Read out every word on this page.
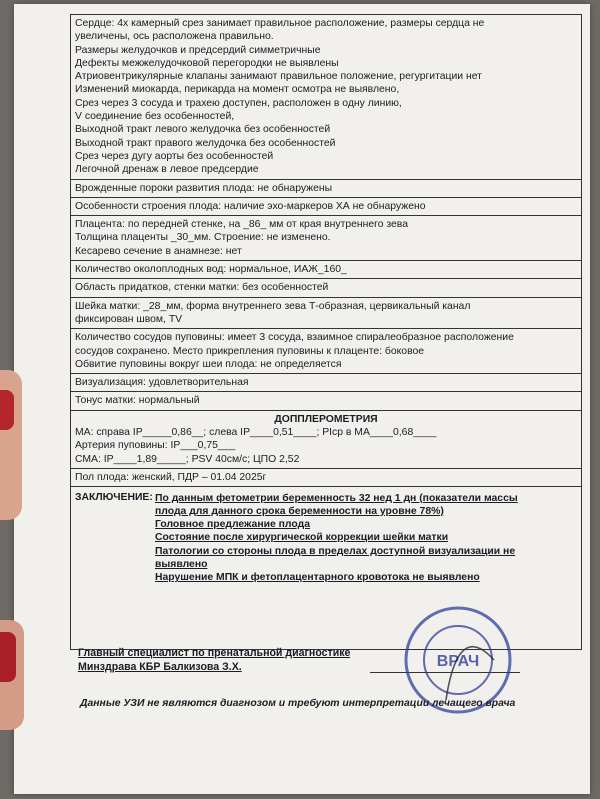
Сердце: 4х камерный срез занимает правильное расположение, размеры сердца не
увеличены, ось расположена правильно.
Размеры желудочков и предсердий симметричные
Дефекты межжелудочковой перегородки не выявлены
Атриовентрикулярные клапаны занимают правильное положение, регургитации нет
Изменений миокарда, перикарда на момент осмотра не выявлено,
Срез через 3 сосуда и трахею доступен, расположен в одну линию,
V соединение без особенностей,
Выходной тракт левого желудочка без особенностей
Выходной тракт правого желудочка без особенностей
Срез через дугу аорты без особенностей
Легочной дренаж в левое предсердие
Врожденные пороки развития плода: не обнаружены
Особенности строения плода: наличие эхо-маркеров ХА не обнаружено
Плацента: по передней стенке, на _86_ мм от края внутреннего зева
Толщина плаценты _30_мм. Строение: не изменено.
Кесарево сечение в анамнезе: нет
Количество околоплодных вод: нормальное, ИАЖ_160_
Область придатков, стенки матки: без особенностей
Шейка матки: _28_мм, форма внутреннего зева Т-образная, цервикальный канал
фиксирован швом, TV
Количество сосудов пуповины: имеет 3 сосуда, взаимное спиралеобразное расположение
сосудов сохранено. Место прикрепления пуповины к плаценте: боковое
Обвитие пуповины вокруг шеи плода: не определяется
Визуализация: удовлетворительная
Тонус матки: нормальный
ДОППЛЕРОМЕТРИЯ
МА: справа IP_____0,86__; слева IP____0,51____; PIср в МА____0,68____
Артерия пуповины: IP___0,75___
СМА: IP____1,89_____; PSV 40см/с; ЦПО 2,52
Пол плода: женский, ПДР – 01.04 2025г
ЗАКЛЮЧЕНИЕ: По данным фетометрии беременность 32 нед 1 дн (показатели массы
плода для данного срока беременности на уровне 78%)
Головное предлежание плода
Состояние после хирургической коррекции шейки матки
Патологии со стороны плода в пределах доступной визуализации не
выявлено
Нарушение МПК и фетоплацентарного кровотока не выявлено
Главный специалист по пренатальной диагностике
Минздрава КБР Балкизова З.Х.	ВРАЧ
Данные УЗИ не являются диагнозом и требуют интерпретации лечащего врача
